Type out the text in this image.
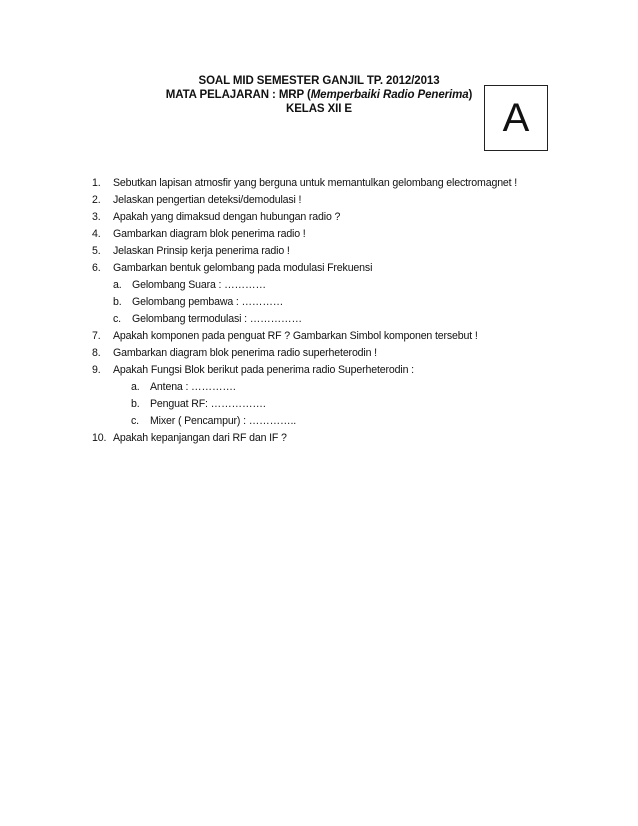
SOAL MID SEMESTER GANJIL TP. 2012/2013
MATA PELAJARAN : MRP (Memperbaiki Radio Penerima)
KELAS XII E	A
1.	Sebutkan lapisan atmosfir yang berguna untuk memantulkan gelombang electromagnet !
2.	Jelaskan pengertian deteksi/demodulasi !
3.	Apakah yang dimaksud dengan hubungan radio ?
4.	Gambarkan diagram blok penerima radio !
5.	Jelaskan Prinsip kerja penerima radio !
6.	Gambarkan bentuk gelombang pada modulasi Frekuensi
a. Gelombang Suara : …………
b. Gelombang pembawa : …………
c.	Gelombang termodulasi : ……………
7.	Apakah komponen pada penguat RF ? Gambarkan Simbol komponen tersebut !
8.	Gambarkan diagram blok penerima radio superheterodin !
9.	Apakah Fungsi Blok berikut pada penerima radio Superheterodin :
a. Antena : ………….
b. Penguat RF: …………….
c.	Mixer ( Pencampur) : …………..
10. Apakah kepanjangan dari RF dan IF ?
